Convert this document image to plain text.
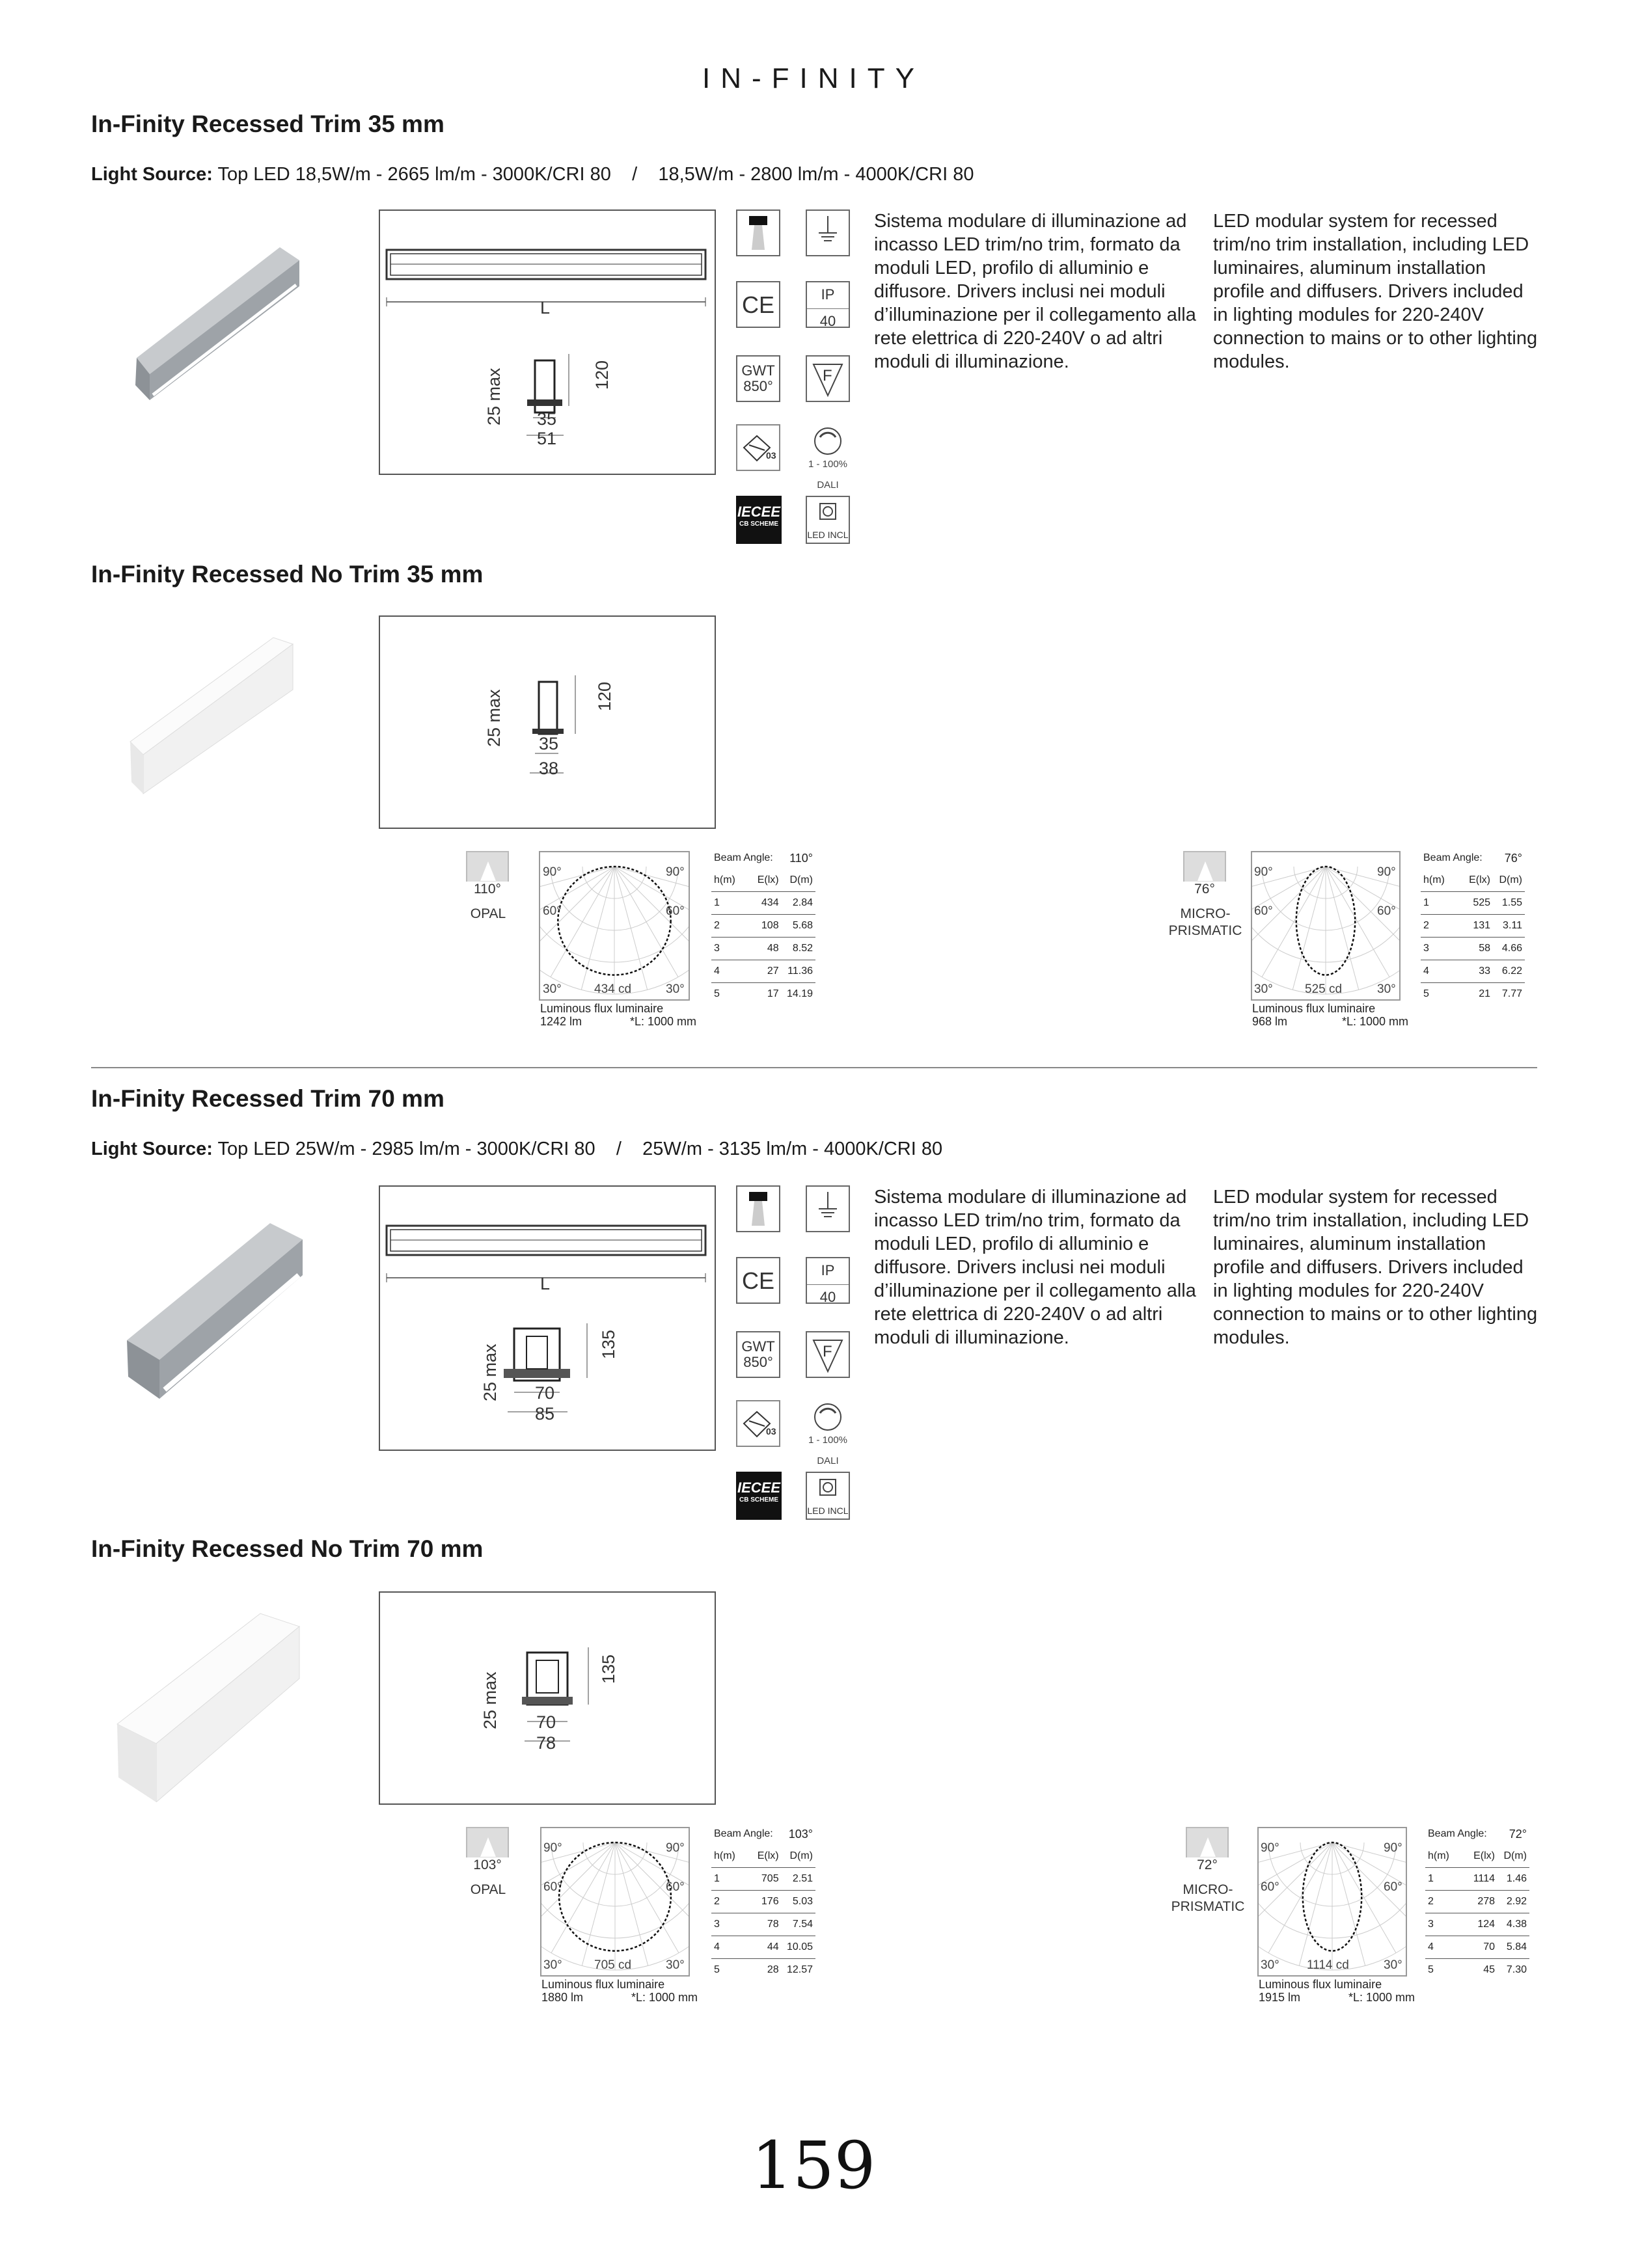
IN-FINITY
In-Finity Recessed Trim 35 mm
Light Source: Top LED 18,5W/m - 2665 lm/m - 3000K/CRI 80    /    18,5W/m - 2800 lm/m - 4000K/CRI 80
L
120
25 max 35
51
CE	IP
40
GWT
850°
F
03
1 - 100%
DALI
IECEE
CB SCHEME
LED INCL
Sistema modulare di illuminazione ad incasso LED trim/no trim, formato da moduli LED, profilo di alluminio e diffusore. Drivers inclusi nei moduli d’illuminazione per il collegamento alla rete elettrica di 220-240V o ad altri moduli di illuminazione.
LED modular system for recessed trim/no trim installation, including LED luminaires, aluminum installation profile and diffusers. Drivers included in lighting modules for 220-240V connection to mains or to other lighting modules.
In-Finity Recessed No Trim 35 mm
120
25 max 35
38
110°
OPAL
90°	90°
60°	60°
30°	30°
434 cd
Luminous flux luminaire
1242 lm	*L: 1000 mm
Beam Angle:		110°
h(m)	E(lx)	D(m)
1	434	2.84
2	108	5.68
3	48	8.52
4	27	11.36
5	17	14.19
76°
MICRO-
PRISMATIC
90°	90°
60°	60°
30°	30°
525 cd
Luminous flux luminaire
968 lm	*L: 1000 mm
Beam Angle:		76°
h(m)	E(lx)	D(m)
1	525	1.55
2	131	3.11
3	58	4.66
4	33	6.22
5	21	7.77
In-Finity Recessed Trim 70 mm
Light Source: Top LED 25W/m - 2985 lm/m - 3000K/CRI 80    /    25W/m - 3135 lm/m - 4000K/CRI 80
L
135
25 max 70
85
CE	IP
40
GWT
850°
F
03
1 - 100%
DALI
IECEE
CB SCHEME
LED INCL
Sistema modulare di illuminazione ad incasso LED trim/no trim, formato da moduli LED, profilo di alluminio e diffusore. Drivers inclusi nei moduli d’illuminazione per il collegamento alla rete elettrica di 220-240V o ad altri moduli di illuminazione.
LED modular system for recessed trim/no trim installation, including LED luminaires, aluminum installation profile and diffusers. Drivers included in lighting modules for 220-240V connection to mains or to other lighting modules.
In-Finity Recessed No Trim 70 mm
135
25 max 70
78
103°
OPAL
90°	90°
60°	60°
30°	30°
705 cd
Luminous flux luminaire
1880 lm	*L: 1000 mm
Beam Angle:		103°
h(m)	E(lx)	D(m)
1	705	2.51
2	176	5.03
3	78	7.54
4	44	10.05
5	28	12.57
72°
MICRO-
PRISMATIC
90°	90°
60°	60°
30°	30°
1114 cd
Luminous flux luminaire
1915 lm	*L: 1000 mm
Beam Angle:		72°
h(m)	E(lx)	D(m)
1	1114	1.46
2	278	2.92
3	124	4.38
4	70	5.84
5	45	7.30
159
